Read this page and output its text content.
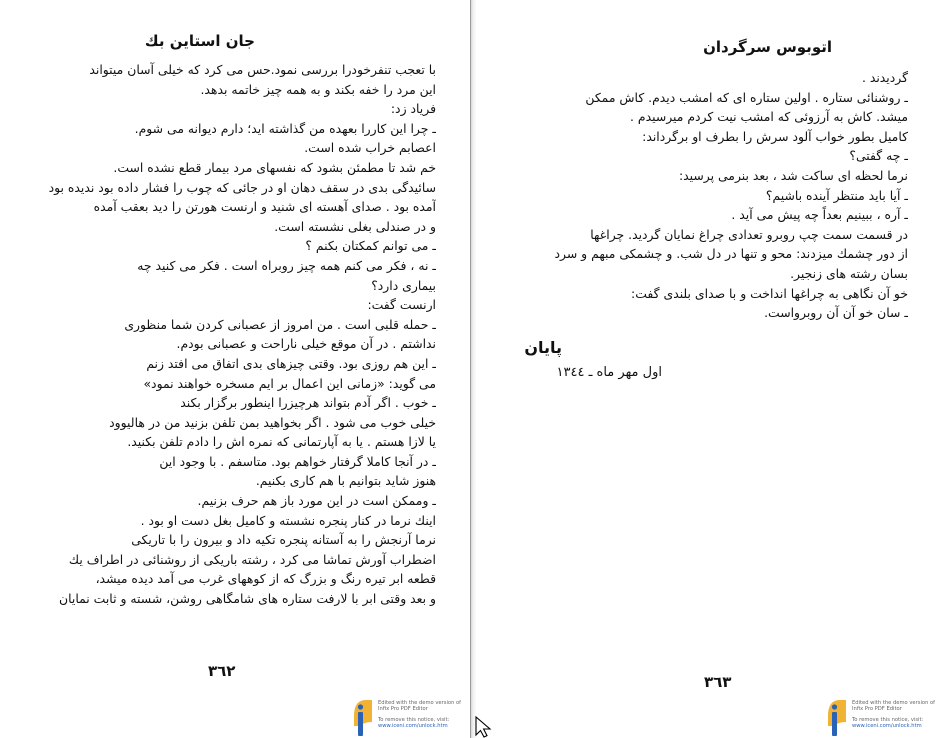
جان استاین بك
با تعجب تنفرخودرا بررسی نمود.حس می کرد که خیلی آسان میتواند
این مرد را خفه بکند و به همه چیز خاتمه بدهد.
فریاد زد:
ـ چرا این کاررا بعهده من گذاشته اید؛ دارم دیوانه می شوم.
اعصابم خراب شده است.
خم شد تا مطمئن بشود که نفسهای مرد بیمار قطع نشده است.
سائیدگی بدی در سقف دهان او در جائی که چوب را فشار داده بود ندیده بود
آمده بود . صدای آهسته ای شنید و ارنست هورتن را دید بعقب آمده
و در صندلی بغلی نشسته است.
ـ می توانم کمکتان بکنم ؟
ـ نه ، فکر می کنم همه چیز روبراه است . فکر می کنید چه
بیماری دارد؟
ارنست گفت:
ـ حمله قلبی است . من امروز از عصبانی کردن شما منظوری
نداشتم . در آن موقع خیلی ناراحت و عصبانی بودم.
ـ این هم روزی بود. وقتی چیزهای بدی اتفاق می افتد زنم
می گوید: «زمانی این اعمال بر ایم مسخره خواهند نمود»
ـ خوب . اگر آدم بتواند هرچیزرا اینطور برگزار بکند
خیلی خوب می شود . اگر بخواهید بمن تلفن بزنید من در هالیوود
یا لازا هستم . یا به آپارتمانی که نمره اش را دادم تلفن بکنید.
ـ در آنجا کاملا گرفتار خواهم بود. متاسفم . با وجود این
هنوز شاید بتوانیم با هم کاری بکنیم.
ـ وممکن است در این مورد باز هم حرف بزنیم.
اینك نرما در کنار پنجره نشسته و کامیل بغل دست او بود .
نرما آرنجش را به آستانه پنجره تکیه داد و بیرون را با تاریکی
اضطراب آورش تماشا می کرد ، رشته باریکی از روشنائی در اطراف یك
قطعه ابر تیره رنگ و بزرگ که از کوههای غرب می آمد دیده میشد،
و بعد وقتی ابر با لارفت ستاره های شامگاهی روشن، شسته و ثابت نمایان
٣٦٢
Edited with the demo version of
Infix Pro PDF Editor
To remove this notice, visit:
www.iceni.com/unlock.htm
اتوبوس سرگردان
گردیدند .
ـ روشنائی ستاره . اولین ستاره ای که امشب دیدم. کاش ممکن
میشد. کاش به آرزوئی که امشب نیت کردم میرسیدم .
کامیل بطور خواب آلود سرش را بطرف او برگرداند:
ـ چه گفتی؟
نرما لحظه ای ساکت شد ، بعد بنرمی پرسید:
ـ آیا باید منتظر آینده باشیم؟
ـ آره ، ببینیم بعداً چه پیش می آید .
در قسمت سمت چپ روبرو تعدادی چراغ نمایان گردید. چراغها
از دور چشمك میزدند: محو و تنها در دل شب. و چشمکی مبهم و سرد
بسان رشته های زنجیر.
خو آن نگاهی به چراغها انداخت و با صدای بلندی گفت:
ـ سان خو آن آن روبرواست.
پایان
اول مهر ماه ـ ١٣٤٤
٣٦٣
Edited with the demo version of
Infix Pro PDF Editor
To remove this notice, visit:
www.iceni.com/unlock.htm
